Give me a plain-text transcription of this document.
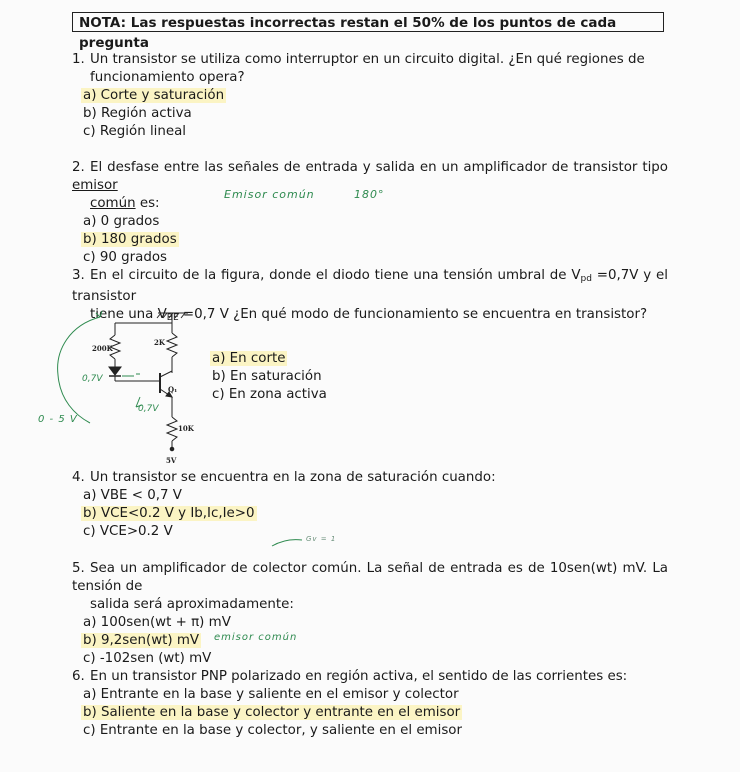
NOTA: Las respuestas incorrectas restan el 50% de los puntos de cada pregunta
1. Un transistor se utiliza como interruptor en un circuito digital. ¿En qué regiones de
funcionamiento opera?
a) Corte y saturación
b) Región activa
c) Región lineal
2. El desfase entre las señales de entrada y salida en un amplificador de transistor tipo emisor
común es:
a) 0 grados
b) 180 grados
c) 90 grados
Emisor común	180°
3. En el circuito de la figura, donde el diodo tiene una tensión umbral de $V_{pd} =0,7V$ y el transistor
tiene una $V_{BE} =0,7$ V ¿En qué modo de funcionamiento se encuentra en transistor?
200K
2K
Q₁
10K
5V
0,7V
0,7V
0 - 5 V
a) En corte
b) En saturación
c) En zona activa
4. Un transistor se encuentra en la zona de saturación cuando:
a) VBE < 0,7 V
b) VCE<0.2 V y Ib,Ic,Ie>0
c) VCE>0.2 V	Gv = 1
5. Sea un amplificador de colector común. La señal de entrada es de 10sen(wt) mV. La tensión de
salida será aproximadamente:
a) 100sen(wt + π) mV
b) 9,2sen(wt) mV
c) -102sen (wt) mV
emisor común
6. En un transistor PNP polarizado en región activa, el sentido de las corrientes es:
a) Entrante en la base y saliente en el emisor y colector
b) Saliente en la base y colector y entrante en el emisor
c) Entrante en la base y colector, y saliente en el emisor
